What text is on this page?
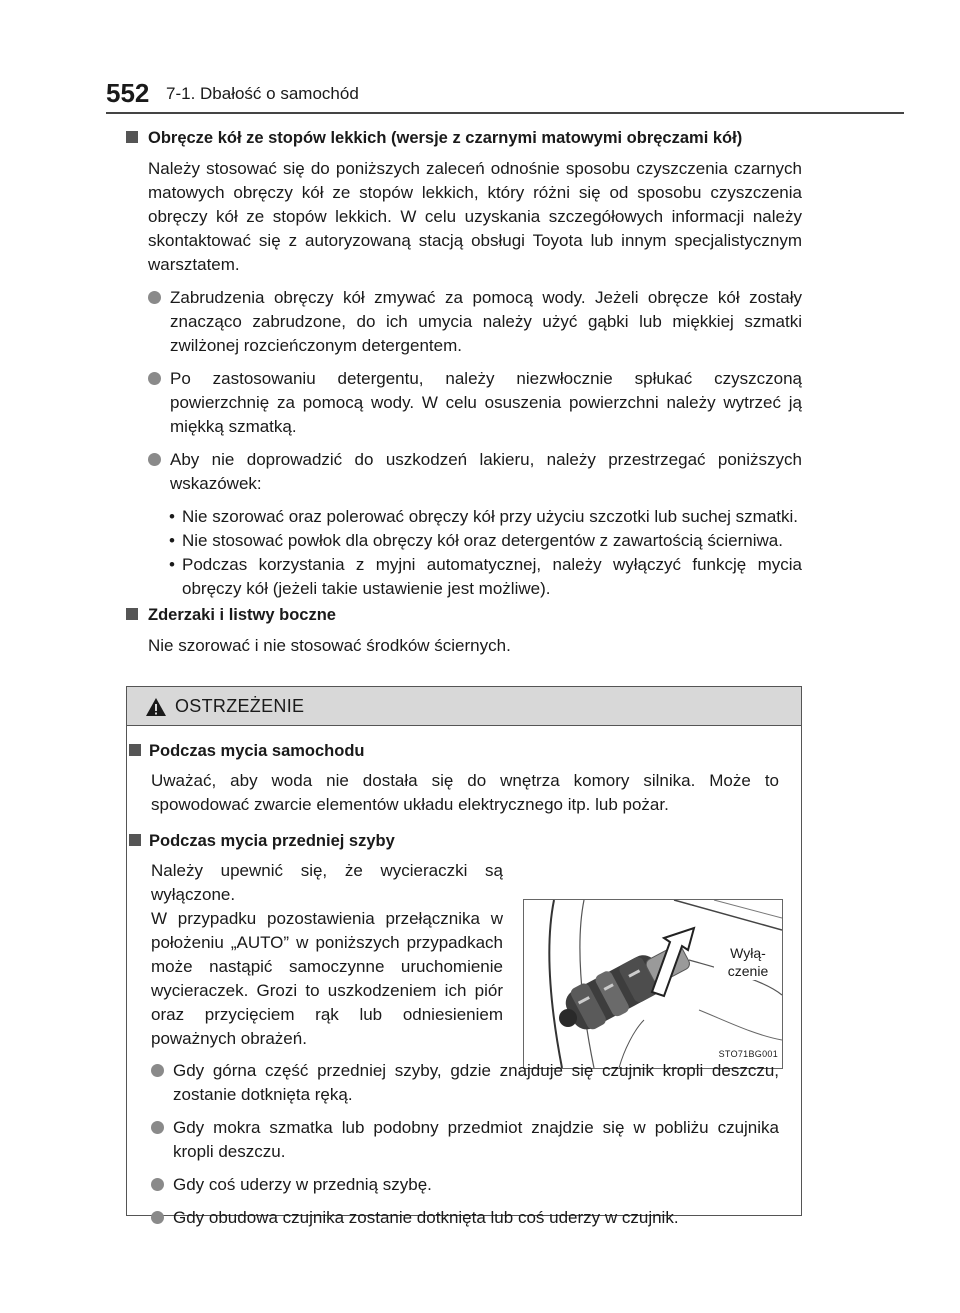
552 7-1. Dbałość o samochód

Obręcze kół ze stopów lekkich (wersje z czarnymi matowymi obręczami kół)

Należy stosować się do poniższych zaleceń odnośnie sposobu czyszczenia czarnych matowych obręczy kół ze stopów lekkich, który różni się od sposobu czyszczenia obręczy kół ze stopów lekkich. W celu uzyskania szczegółowych informacji należy skontaktować się z autoryzowaną stacją obsługi Toyota lub innym specjalistycznym warsztatem.

Zabrudzenia obręczy kół zmywać za pomocą wody. Jeżeli obręcze kół zostały znacząco zabrudzone, do ich umycia należy użyć gąbki lub miękkiej szmatki zwilżonej rozcieńczonym detergentem.
Po zastosowaniu detergentu, należy niezwłocznie spłukać czyszczoną powierzchnię za pomocą wody. W celu osuszenia powierzchni należy wytrzeć ją miękką szmatką.
Aby nie doprowadzić do uszkodzeń lakieru, należy przestrzegać poniższych wskazówek:
• Nie szorować oraz polerować obręczy kół przy użyciu szczotki lub suchej szmatki.
• Nie stosować powłok dla obręczy kół oraz detergentów z zawartością ścierniwa.
• Podczas korzystania z myjni automatycznej, należy wyłączyć funkcję mycia obręczy kół (jeżeli takie ustawienie jest możliwe).

Zderzaki i listwy boczne

Nie szorować i nie stosować środków ściernych.

OSTRZEŻENIE

Podczas mycia samochodu

Uważać, aby woda nie dostała się do wnętrza komory silnika. Może to spowodować zwarcie elementów układu elektrycznego itp. lub pożar.

Podczas mycia przedniej szyby

Należy upewnić się, że wycieraczki są wyłączone.

W przypadku pozostawienia przełącznika w położeniu „AUTO” w poniższych przypadkach może nastąpić samoczynne uruchomienie wycieraczek. Grozi to uszkodzeniem ich piór oraz przycięciem rąk lub odniesieniem poważnych obrażeń.

Wyłą- czenie
STO71BG001
Gdy górna część przedniej szyby, gdzie znajduje się czujnik kropli deszczu, zostanie dotknięta ręką.
Gdy mokra szmatka lub podobny przedmiot znajdzie się w pobliżu czujnika kropli deszczu.
Gdy coś uderzy w przednią szybę.
Gdy obudowa czujnika zostanie dotknięta lub coś uderzy w czujnik.
